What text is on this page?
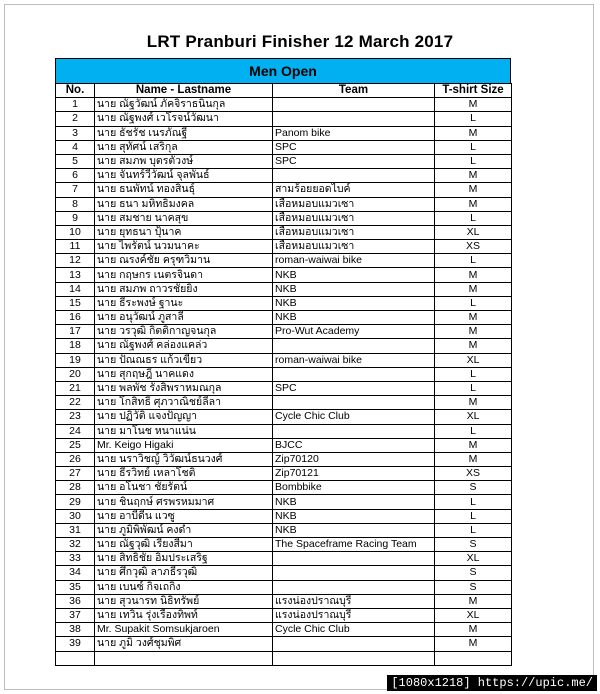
LRT Pranburi Finisher 12 March 2017
Men Open
No.	Name - Lastname	Team	T-shirt Size
1	นาย ณัฐวัฒน์ ภัคจิราธนินกุล		M
2	นาย ณัฐพงศ์ เวโรจน์วัฒนา		L
3	นาย ธัชรัช เนรภัณฐี	Panom bike	M
4	นาย สุทัศน์ เสริกุล	SPC	L
5	นาย สมภพ บุตรตัวงษ์	SPC	L
6	นาย จันทร์วีวัฒน์ จุลพันธ์		M
7	นาย ธนพัทน์ ทองสินธุ์	สามร้อยยอดไบค์	M
8	นาย ธนา มหิทธิมงคล	เสือหมอบแมวเซา	M
9	นาย สมชาย นาคสุข	เสือหมอบแมวเซา	L
10	นาย ยุทธนา ปุ้นาค	เสือหมอบแมวเซา	XL
11	นาย ไพรัตน์ นวมนาคะ	เสือหมอบแมวเซา	XS
12	นาย ณรงค์ชัย ครุฑวิมาน	roman-waiwai bike	L
13	นาย กฤษกร เนตรจินดา	NKB	M
14	นาย สมภพ ถาวรชัยยิง	NKB	M
15	นาย ธีระพงษ์ ฐานะ	NKB	L
16	นาย อนุวัฒน์ ภูสาลี	NKB	M
17	นาย วรวุฒิ กิตติกาญจนกุล	Pro-Wut Academy	M
18	นาย ณัฐพงศ์ คล่องแคล่ว		M
19	นาย ปัณณธร แก้วเขียว	roman-waiwai bike	XL
20	นาย สุกฤษฎิ์ นาคแดง		L
21	นาย พลพัช รังสิพราหมณกุล	SPC	L
22	นาย โกสิทธิ์ ศุภวาณิชย์ลีลา		M
23	นาย ปฏิวัติ แจงปัญญา	Cycle Chic Club	XL
24	นาย มาโนช หนาแน่น		L
25	Mr. Keigo Higaki	BJCC	M
26	นาย นราวิชญ์ วิวัฒน์ธนวงศ์	Zip70120	M
27	นาย ธีรวิทย์ เหลาโชติ	Zip70121	XS
28	นาย อโนชา ชัยรัตน์	Bombbike	S
29	นาย ชินฤกษ์ ศรพรหมมาศ	NKB	L
30	นาย อาบีดีน แวซู	NKB	L
31	นาย ภูมิพิพัฒน์ คงดำ	NKB	L
32	นาย ณัฐวุฒิ เรียงสีมา	The Spaceframe Racing Team	S
33	นาย สิทธิชัย อิ่มประเสริฐ		XL
34	นาย ศึกวุฒิ ลาภธีรวุฒิ		S
35	นาย เบนซ์ กิจเถกิง		S
36	นาย สุวนารท นิธิทรัพย์	แรงน่องปราณบุรี	M
37	นาย เทวิน รุ่งเรืองทิพท์	แรงน่องปราณบุรี	XL
38	Mr. Supakit Somsukjaroen	Cycle Chic Club	M
39	นาย ภูมิ วงศ์ชุมพิศ		M

[1080x1218] https://upic.me/
